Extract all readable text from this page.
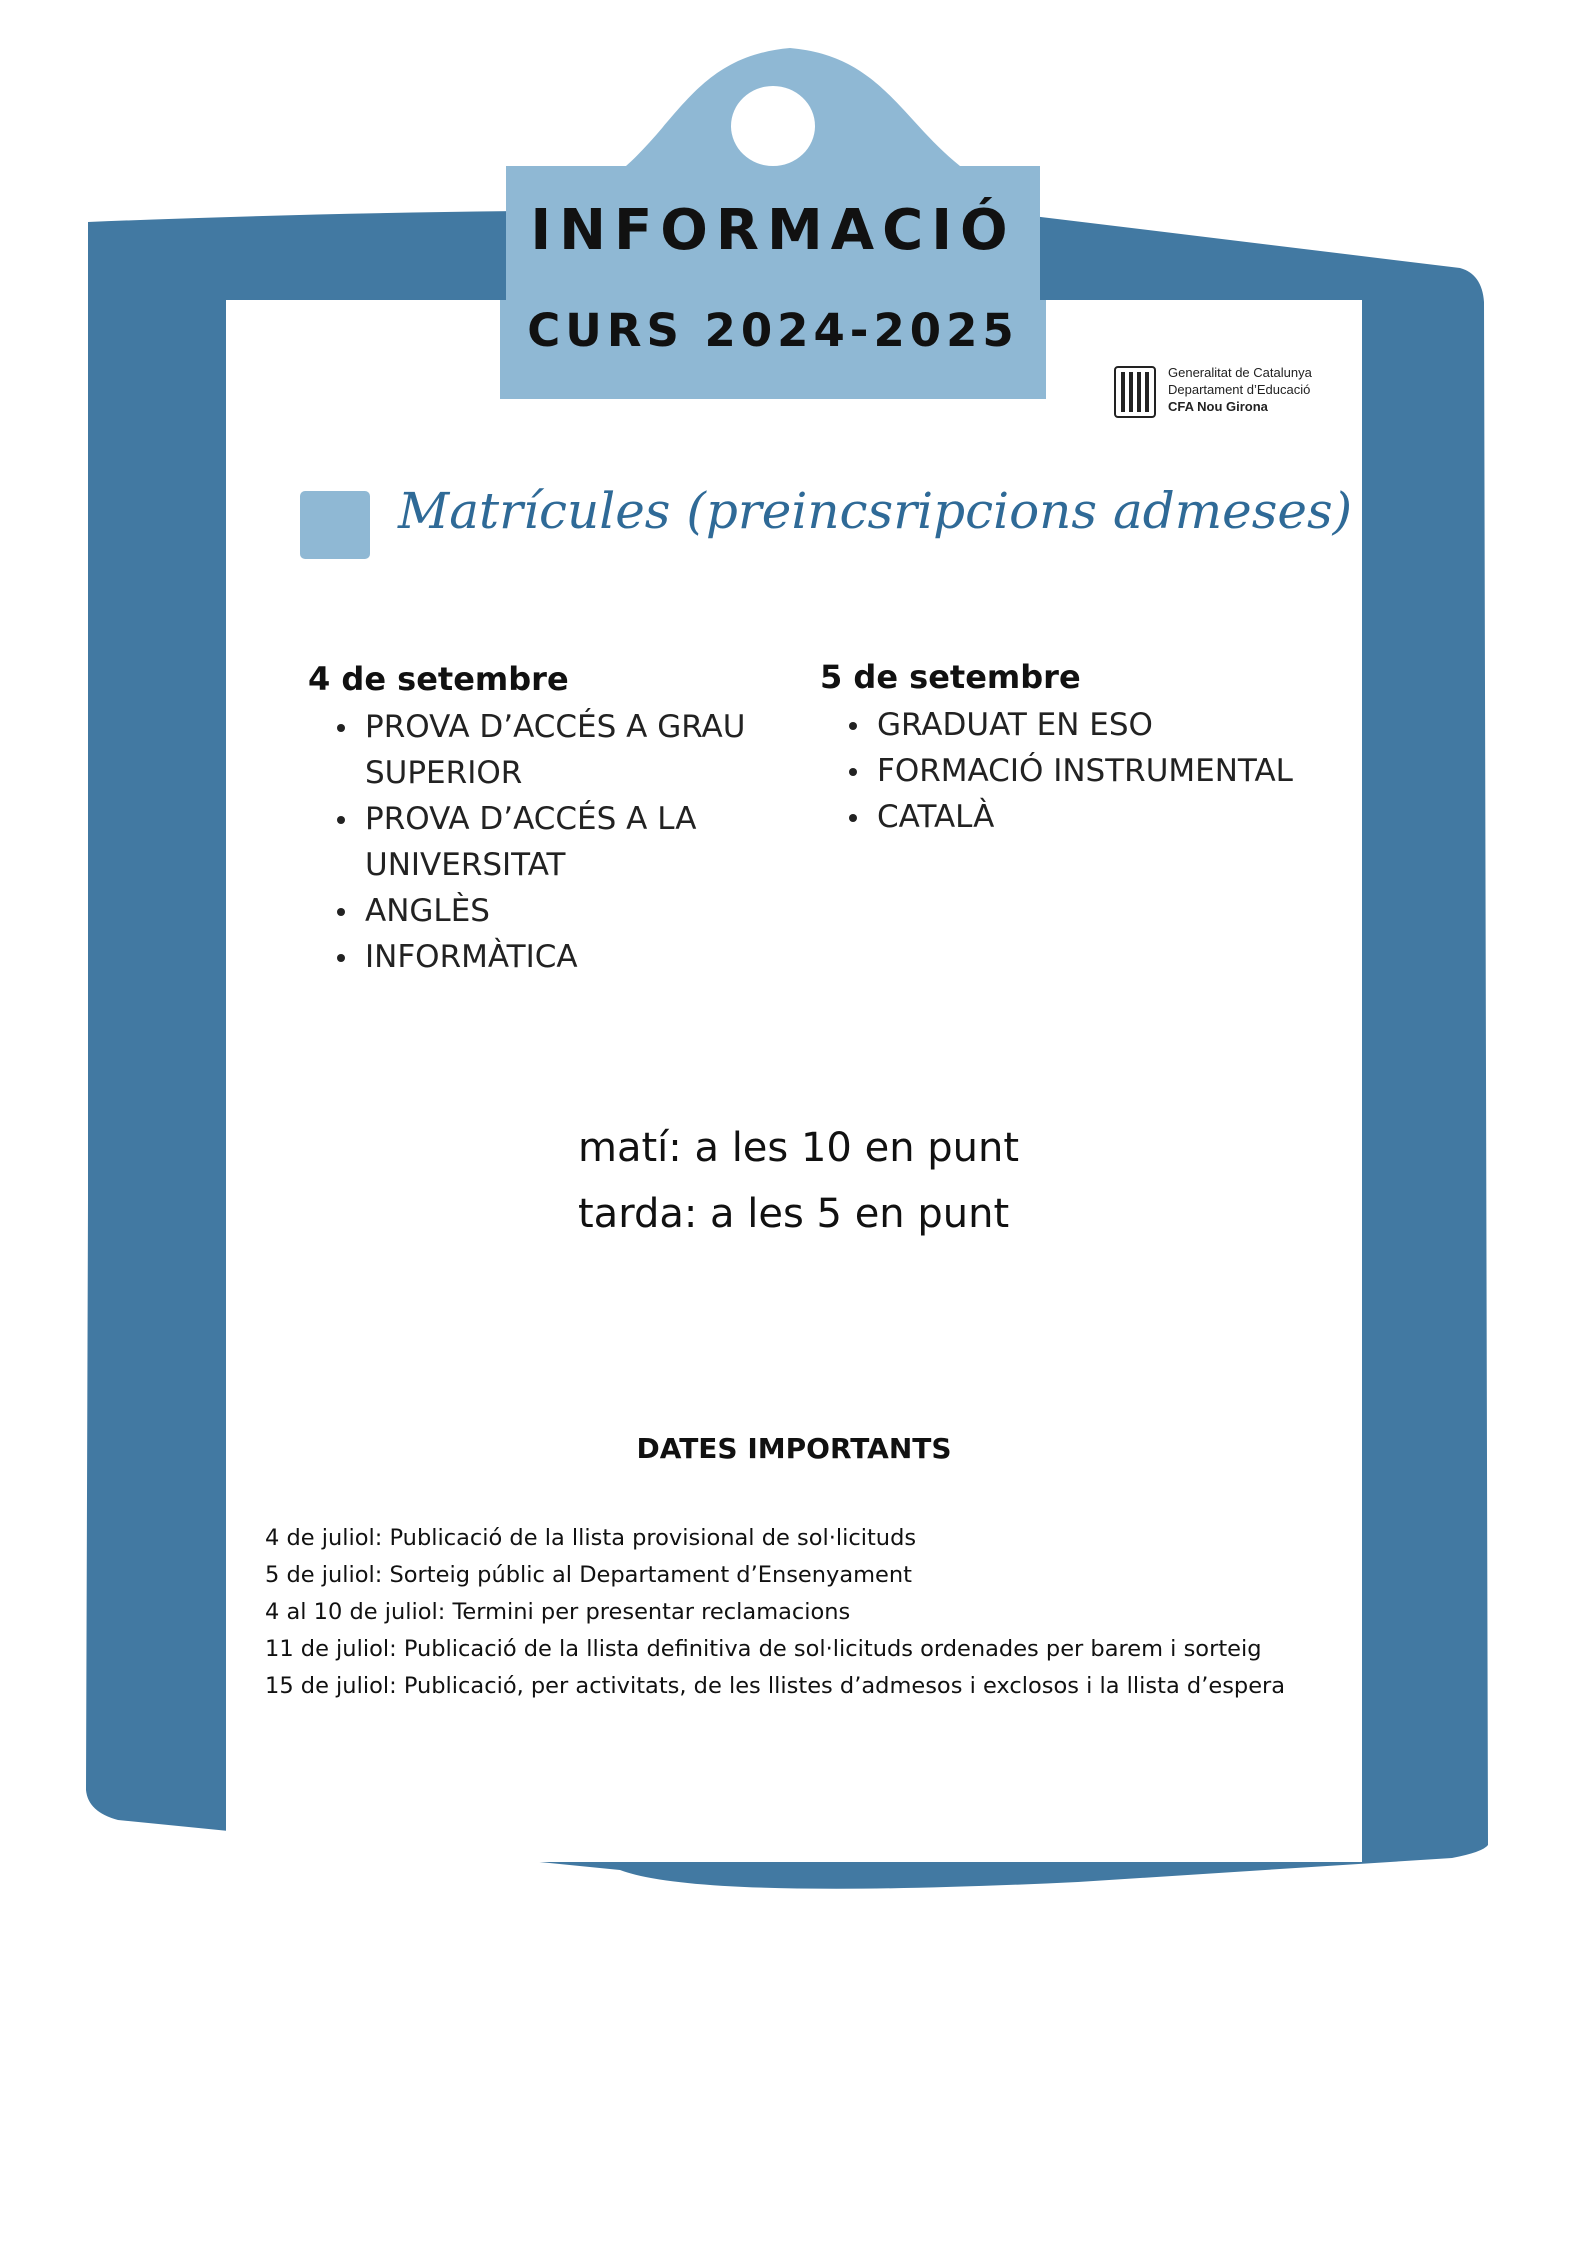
INFORMACIÓ
CURS 2024-2025
Generalitat de Catalunya
Departament d’Educació
CFA Nou Girona
Matrícules (preincsripcions admeses)
4 de setembre
PROVA D’ACCÉS A GRAU SUPERIOR
PROVA D’ACCÉS A LA UNIVERSITAT
ANGLÈS
INFORMÀTICA
5 de setembre
GRADUAT EN ESO
FORMACIÓ INSTRUMENTAL
CATALÀ
matí: a les 10 en punt
tarda: a les 5 en punt
DATES IMPORTANTS
4 de juliol: Publicació de la llista provisional de sol·licituds
5 de juliol: Sorteig públic al Departament d’Ensenyament
4 al 10 de juliol: Termini per presentar reclamacions
11 de juliol: Publicació de la llista definitiva de sol·licituds ordenades per barem i sorteig
15 de juliol: Publicació, per activitats, de les llistes d’admesos i exclosos i la llista d’espera
